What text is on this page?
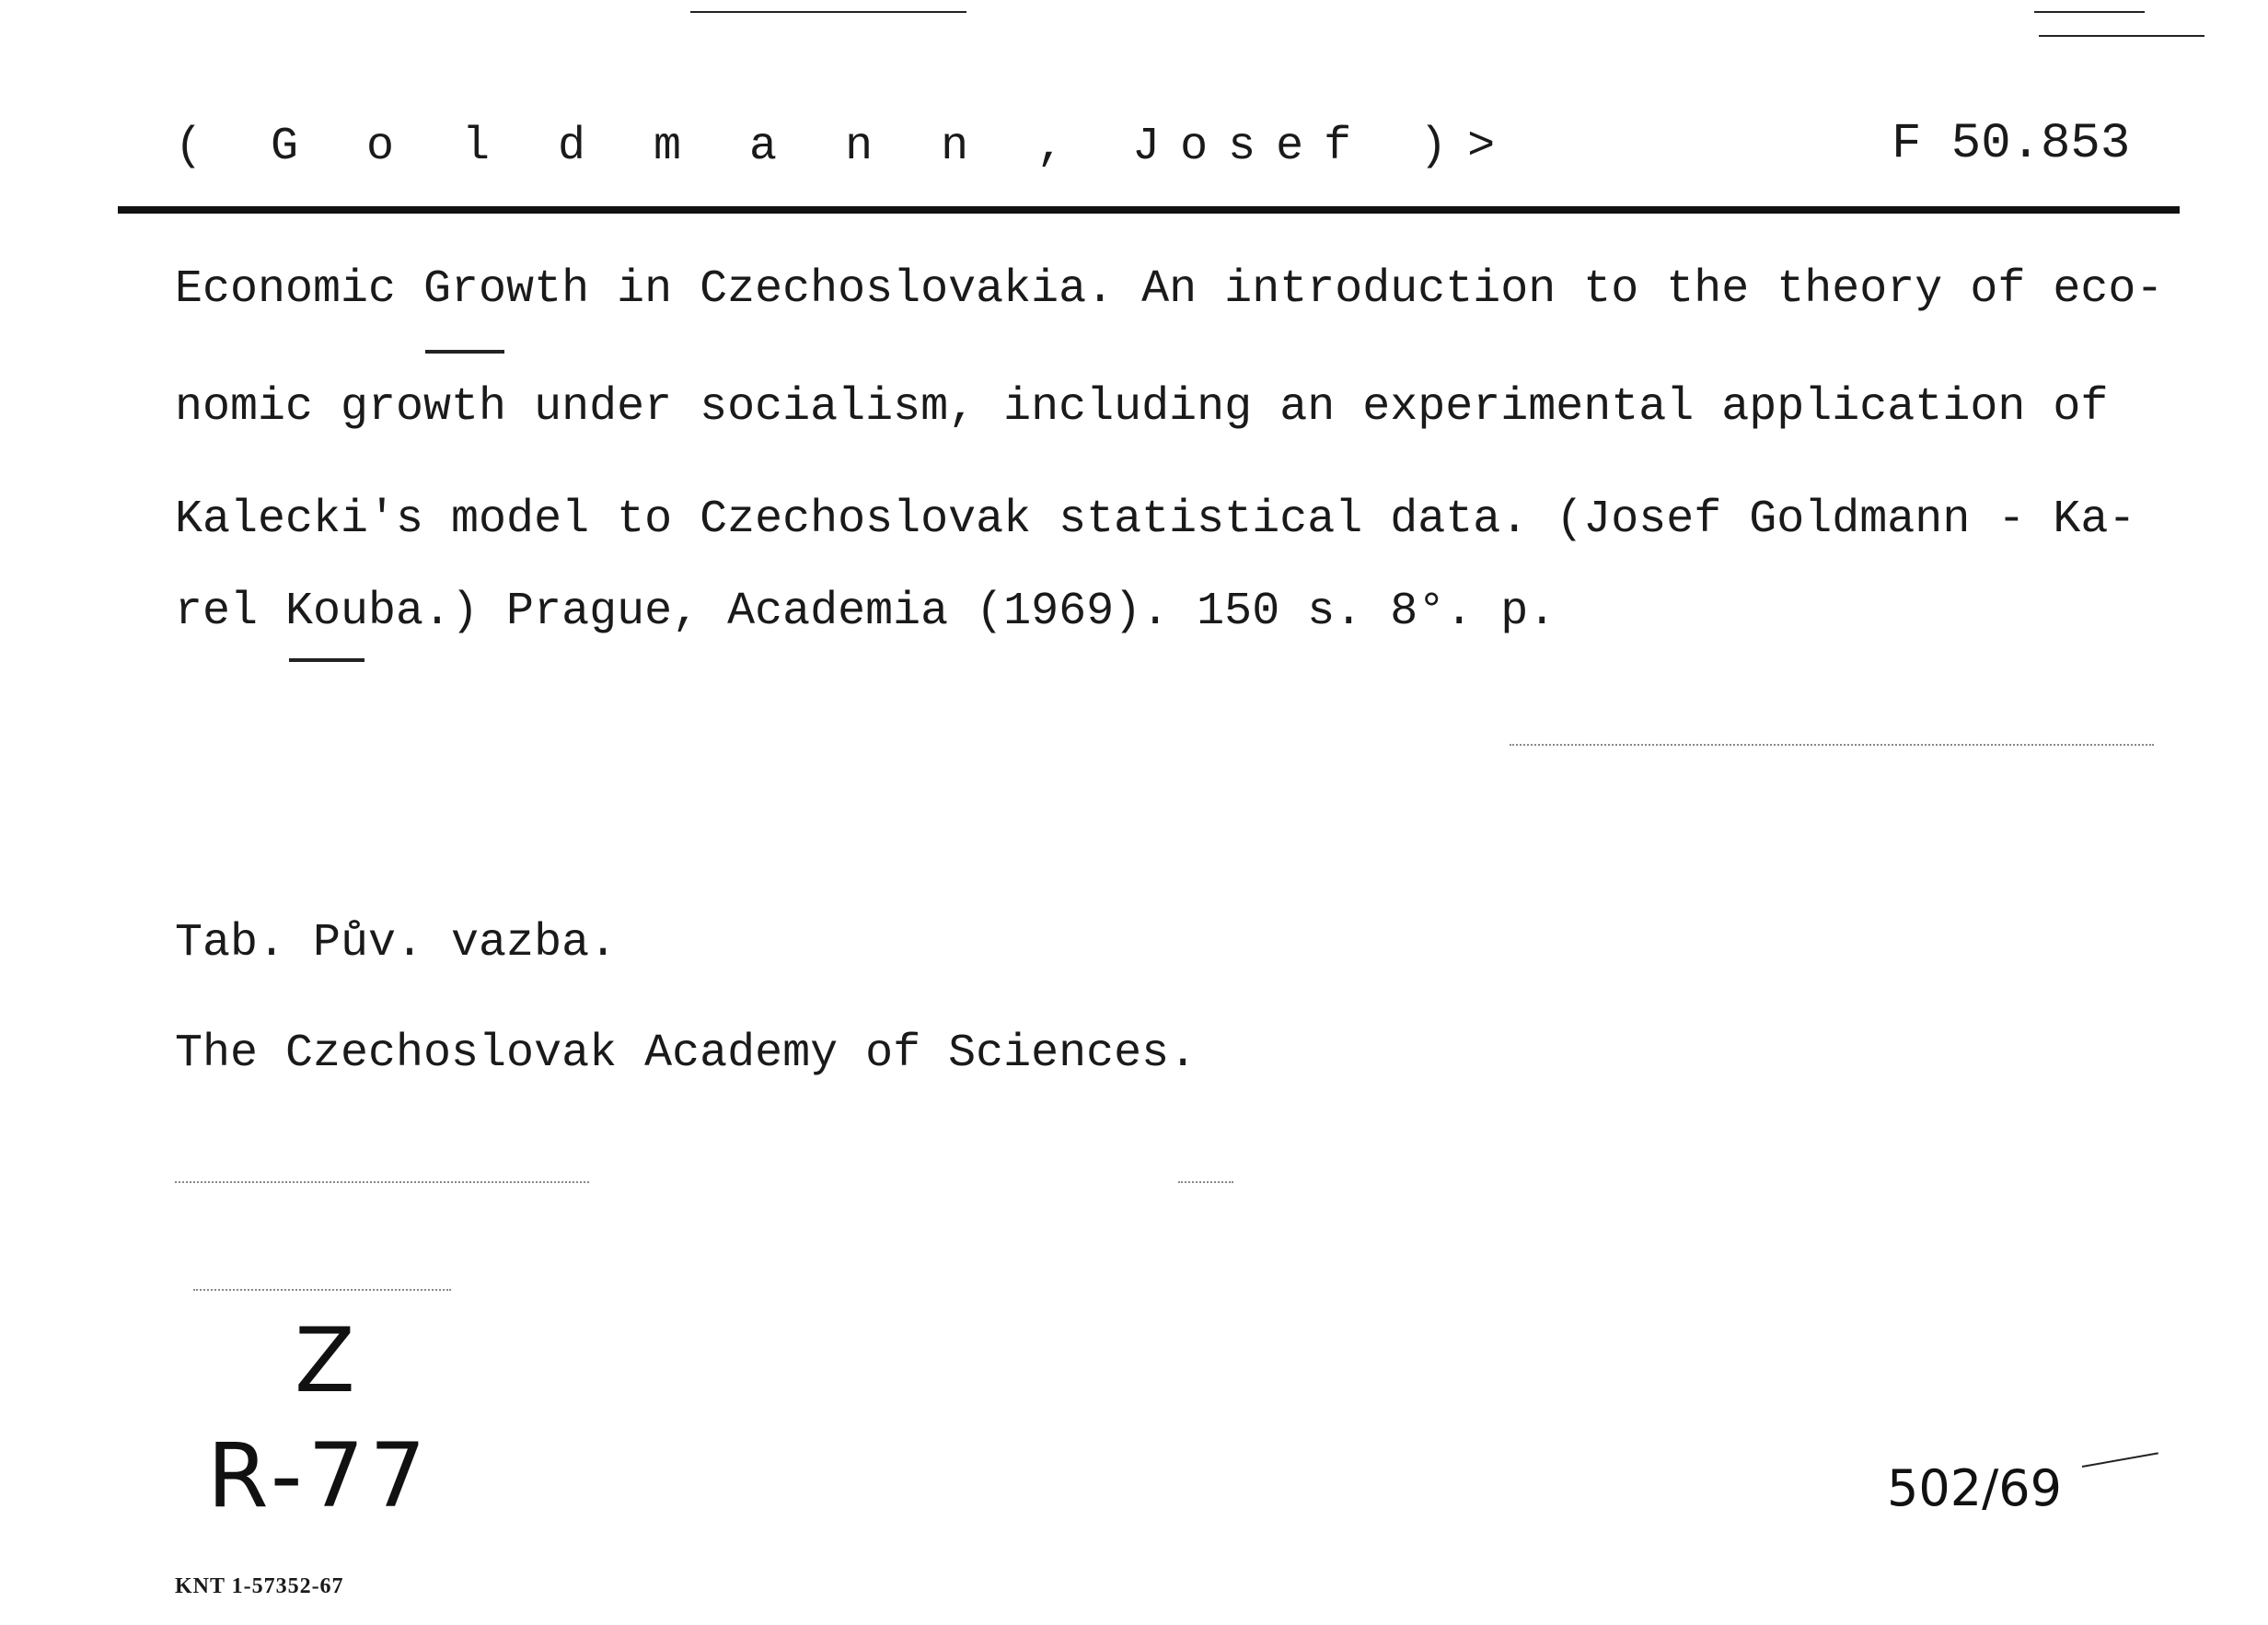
( G o l d m a n n , Josef )>	F 50.853
Economic Growth in Czechoslovakia. An introduction to the theory of eco-
nomic growth under socialism, including an experimental application of
Kalecki's model to Czechoslovak statistical data. (Josef Goldmann - Ka-
rel Kouba.) Prague, Academia (1969). 150 s. 8°. p.
Tab. Pův. vazba.
The Czechoslovak Academy of Sciences.
Z
R-77	502/69
KNT 1-57352-67
